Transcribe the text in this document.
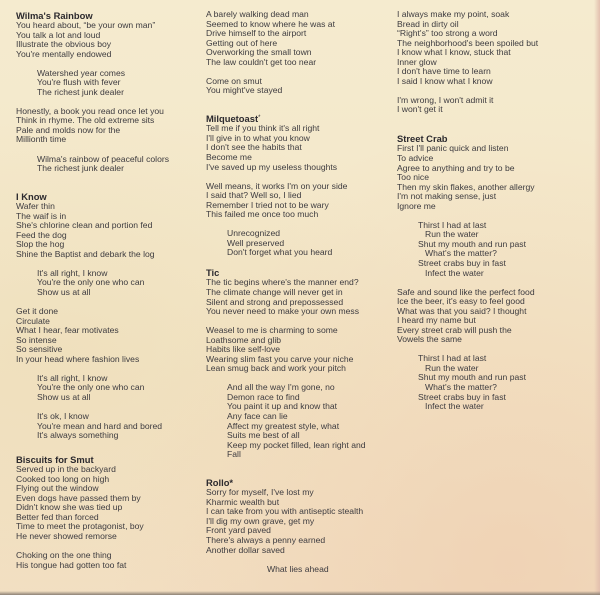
Wilma's Rainbow

You heard about, “be your own man”

You talk a lot and loud

Illustrate the obvious boy

You're mentally endowed

Watershed year comes

You're flush with fever

The richest junk dealer

Honestly, a book you read once let you

Think in rhyme. The old extreme sits

Pale and molds now for the

Millionth time

Wilma's rainbow of peaceful colors

The richest junk dealer

I Know

Wafer thin

The waif is in

She's chlorine clean and portion fed

Feed the dog

Slop the hog

Shine the Baptist and debark the log

It's all right, I know

You're the only one who can

Show us at all

Get it done

Circulate

What I hear, fear motivates

So intense

So sensitive

In your head where fashion lives

It's all right, I know

You're the only one who can

Show us at all

It's ok, I know

You're mean and hard and bored

It's always something

Biscuits for Smut

Served up in the backyard

Cooked too long on high

Flying out the window

Even dogs have passed them by

Didn't know she was tied up

Better fed than forced

Time to meet the protagonist, boy

He never showed remorse

Choking on the one thing

His tongue had gotten too fat

A barely walking dead man

Seemed to know where he was at

Drive himself to the airport

Getting out of here

Overworking the small town

The law couldn't get too near

Come on smut

You might've stayed

Milquetoast*

Tell me if you think it's all right

I'll give in to what you know

I don't see the habits that

Become me

I've saved up my useless thoughts

Well means, it works I'm on your side

I said that? Well so, I lied

Remember I tried not to be wary

This failed me once too much

Unrecognized

Well preserved

Don't forget what you heard

Tic

The tic begins where's the manner end?

The climate change will never get in

Silent and strong and prepossessed

You never need to make your own mess

Weasel to me is charming to some

Loathsome and glib

Habits like self-love

Wearing slim fast you carve your niche

Lean smug back and work your pitch

And all the way I'm gone, no

Demon race to find

You paint it up and know that

Any face can lie

Affect my greatest style, what

Suits me best of all

Keep my pocket filled, lean right and

Fall

Rollo*

Sorry for myself, I've lost my

Kharmic wealth but

I can take from you with antiseptic stealth

I'll dig my own grave, get my

Front yard paved

There's always a penny earned

Another dollar saved

What lies ahead

I always make my point, soak

Bread in dirty oil

“Right's” too strong a word

The neighborhood's been spoiled but

I know what I know, stuck that

Inner glow

I don't have time to learn

I said I know what I know

I'm wrong, I won't admit it

I won't get it

Street Crab

First I'll panic quick and listen

To advice

Agree to anything and try to be

Too nice

Then my skin flakes, another allergy

I'm not making sense, just

Ignore me

Thirst I had at last

Run the water

Shut my mouth and run past

What's the matter?

Street crabs buy in fast

Infect the water

Safe and sound like the perfect food

Ice the beer, it's easy to feel good

What was that you said? I thought

I heard my name but

Every street crab will push the

Vowels the same

Thirst I had at last

Run the water

Shut my mouth and run past

What's the matter?

Street crabs buy in fast

Infect the water
